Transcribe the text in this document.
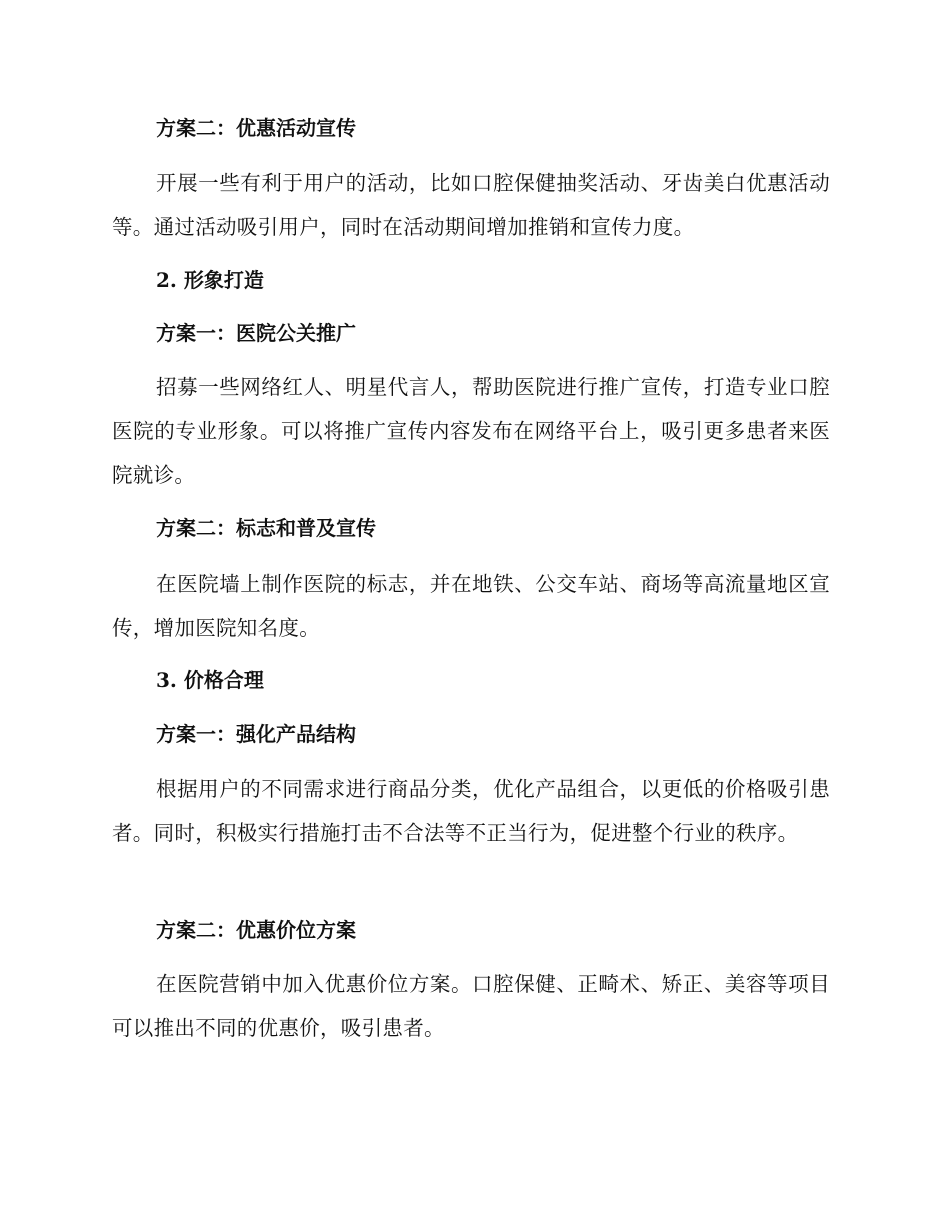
方案二：优惠活动宣传
开展一些有利于用户的活动，比如口腔保健抽奖活动、牙齿美白优惠活动等。通过活动吸引用户，同时在活动期间增加推销和宣传力度。
2. 形象打造
方案一：医院公关推广
招募一些网络红人、明星代言人，帮助医院进行推广宣传，打造专业口腔医院的专业形象。可以将推广宣传内容发布在网络平台上，吸引更多患者来医院就诊。
方案二：标志和普及宣传
在医院墙上制作医院的标志，并在地铁、公交车站、商场等高流量地区宣传，增加医院知名度。
3. 价格合理
方案一：强化产品结构
根据用户的不同需求进行商品分类，优化产品组合，以更低的价格吸引患者。同时，积极实行措施打击不合法等不正当行为，促进整个行业的秩序。
方案二：优惠价位方案
在医院营销中加入优惠价位方案。口腔保健、正畸术、矫正、美容等项目可以推出不同的优惠价，吸引患者。
